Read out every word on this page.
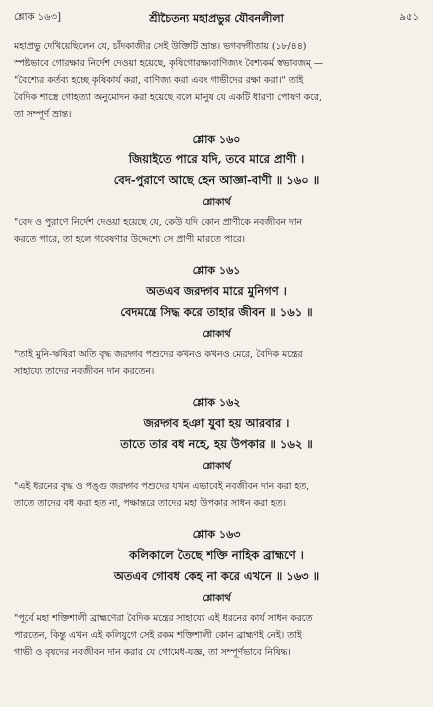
শ্লোক ১৬৩]	শ্রীচৈতন্য মহাপ্রভুর যৌবনলীলা	৯৫১

মহাপ্রভু দেখিয়েছিলেন যে, চাঁদকাজীর সেই উক্তিটি ভ্রান্ত। ভগবদ্গীতায় (১৮/৪৪)

স্পষ্টভাবে গোরক্ষার নির্দেশ দেওয়া হয়েছে, কৃষিগোরক্ষ্যবাণিজ্যং বৈশ্যকর্ম স্বভাবজম্ —

"বৈশ্যের কর্তব্য হচ্ছে কৃষিকার্য করা, বাণিজ্য করা এবং গাভীদের রক্ষা করা।" তাই

বৈদিক শাস্ত্রে গোহত্যা অনুমোদন করা হয়েছে বলে মানুষ যে একটি ধারণা পোষণ করে,

তা সম্পূর্ণ ভ্রান্ত।

শ্লোক ১৬০
জিয়াইতে পারে যদি, তবে মারে প্রাণী ।
বেদ-পুরাণে আছে হেন আজ্ঞা-বাণী ॥ ১৬০ ॥
শ্লোকার্থ

"বেদ ও পুরাণে নির্দেশ দেওয়া হয়েছে যে, কেউ যদি কোন প্রাণীকে নবজীবন দান

করতে পারে, তা হলে গবেষণার উদ্দেশ্যে সে প্রাণী মারতে পারে।

শ্লোক ১৬১
অতএব জরদ্গব মারে মুনিগণ ।
বেদমন্ত্রে সিদ্ধ করে তাহার জীবন ॥ ১৬১ ॥
শ্লোকার্থ

"তাই মুনি-ঋষিরা অতি বৃদ্ধ জরদ্গব পশুদের কখনও কখনও মেরে, বৈদিক মন্ত্রের

সাহায্যে তাদের নবজীবন দান করতেন।

শ্লোক ১৬২
জরদ্গব হঞা যুবা হয় আরবার ।
তাতে তার বধ নহে, হয় উপকার ॥ ১৬২ ॥
শ্লোকার্থ

"এই ধরনের বৃদ্ধ ও পঙ্গু জরদ্গব পশুদের যখন এভাবেই নবজীবন দান করা হত,

তাতে তাদের বধ করা হত না, পক্ষান্তরে তাদের মহা উপকার সাধন করা হত।

শ্লোক ১৬৩
কলিকালে তৈছে শক্তি নাহিক ব্রাহ্মণে ।
অতএব গোবধ কেহ না করে এখনে ॥ ১৬৩ ॥
শ্লোকার্থ

"পূর্বে মহা শক্তিশালী ব্রাহ্মণেরা বৈদিক মন্ত্রের সাহায্যে এই ধরনের কার্য সাধন করতে

পারতেন, কিন্তু এখন এই কলিযুগে সেই রকম শক্তিশালী কোন ব্রাহ্মণই নেই। তাই

গাভী ও বৃষদের নবজীবন দান করার যে গোমেধ-যজ্ঞ, তা সম্পূর্ণভাবে নিষিদ্ধ।
